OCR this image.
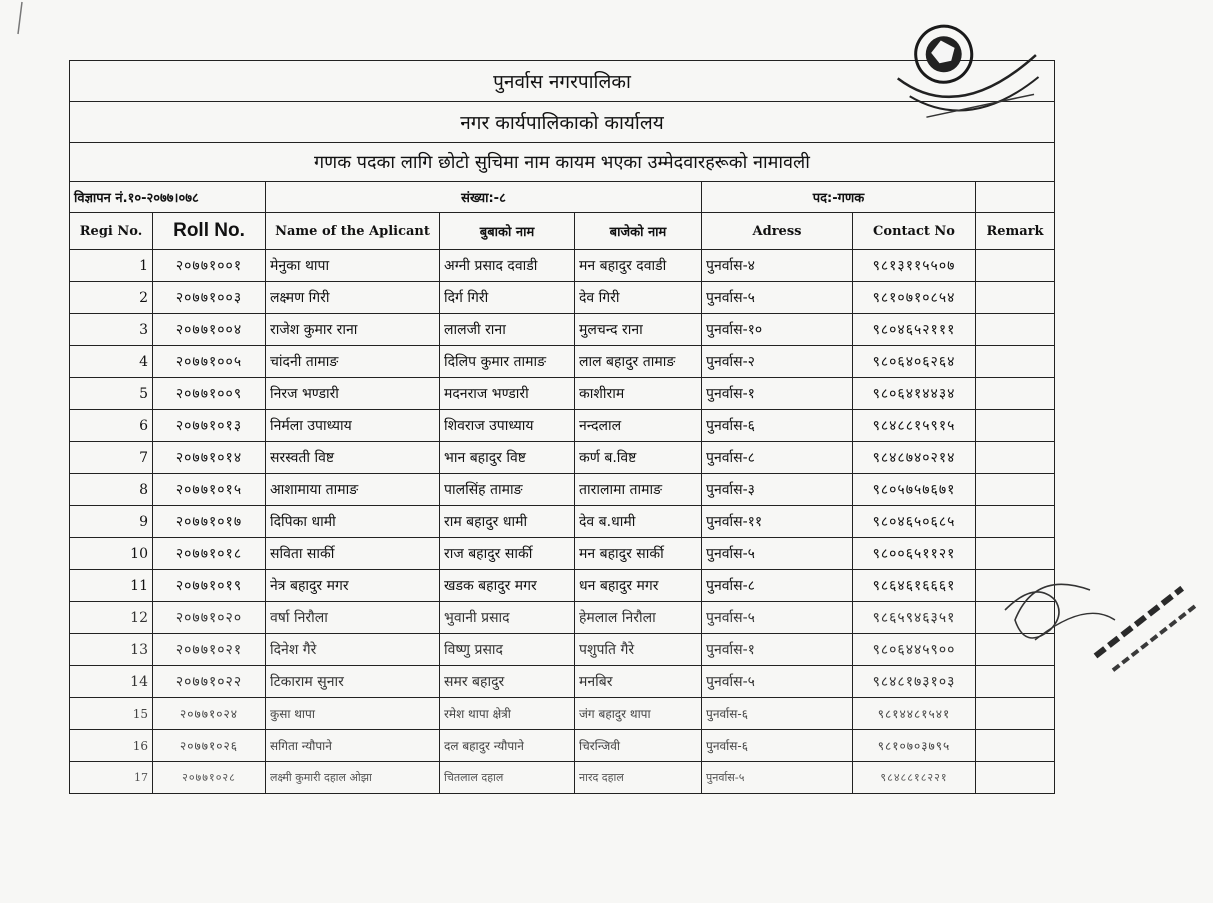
पुनर्वास नगरपालिका							
नगर कार्यपालिकाको कार्यालय							
गणक पदका लागि छोटो सुचिमा नाम कायम भएका उम्मेदवारहरूको नामावली							
विज्ञापन नं.१०-२०७७।०७८		संख्या:-८			पद:-गणक		
Regi No.	Roll No.	Name of the Aplicant	बुबाको नाम	बाजेको नाम	Adress	Contact No	Remark
1	२०७७१००१	मेनुका थापा	अग्नी प्रसाद दवाडी	मन बहादुर दवाडी	पुनर्वास-४	९८१३११५५०७	
2	२०७७१००३	लक्ष्मण गिरी	दिर्ग गिरी	देव गिरी	पुनर्वास-५	९८१०७१०८५४	
3	२०७७१००४	राजेश कुमार राना	लालजी राना	मुलचन्द राना	पुनर्वास-१०	९८०४६५२१११	
4	२०७७१००५	चांदनी तामाङ	दिलिप कुमार तामाङ	लाल बहादुर तामाङ	पुनर्वास-२	९८०६४०६२६४	
5	२०७७१००९	निरज भण्डारी	मदनराज भण्डारी	काशीराम	पुनर्वास-१	९८०६४१४४३४	
6	२०७७१०१३	निर्मला उपाध्याय	शिवराज उपाध्याय	नन्दलाल	पुनर्वास-६	९८४८८१५९१५	
7	२०७७१०१४	सरस्वती विष्ट	भान बहादुर विष्ट	कर्ण ब.विष्ट	पुनर्वास-८	९८४८७४०२१४	
8	२०७७१०१५	आशामाया तामाङ	पालसिंह तामाङ	तारालामा तामाङ	पुनर्वास-३	९८०५७५७६७१	
9	२०७७१०१७	दिपिका धामी	राम बहादुर धामी	देव ब.धामी	पुनर्वास-११	९८०४६५०६८५	
10	२०७७१०१८	सविता सार्की	राज बहादुर सार्की	मन बहादुर सार्की	पुनर्वास-५	९८००६५११२१	
11	२०७७१०१९	नेत्र बहादुर मगर	खडक बहादुर मगर	धन बहादुर मगर	पुनर्वास-८	९८६४६१६६६१	
12	२०७७१०२०	वर्षा निरौला	भुवानी प्रसाद	हेमलाल निरौला	पुनर्वास-५	९८६५९४६३५१	
13	२०७७१०२१	दिनेश गैरे	विष्णु प्रसाद	पशुपति गैरे	पुनर्वास-१	९८०६४४५९००	
14	२०७७१०२२	टिकाराम सुनार	समर बहादुर	मनबिर	पुनर्वास-५	९८४८१७३१०३	
15	२०७७१०२४	कुसा थापा	रमेश थापा क्षेत्री	जंग बहादुर थापा	पुनर्वास-६	९८१४४८१५४१	
16	२०७७१०२६	सगिता न्यौपाने	दल बहादुर न्यौपाने	चिरन्जिवी	पुनर्वास-६	९८१०७०३७९५	
17	२०७७१०२८	लक्ष्मी कुमारी दहाल ओझा	चितलाल दहाल	नारद दहाल	पुनर्वास-५	९८४८८१८२२१	
